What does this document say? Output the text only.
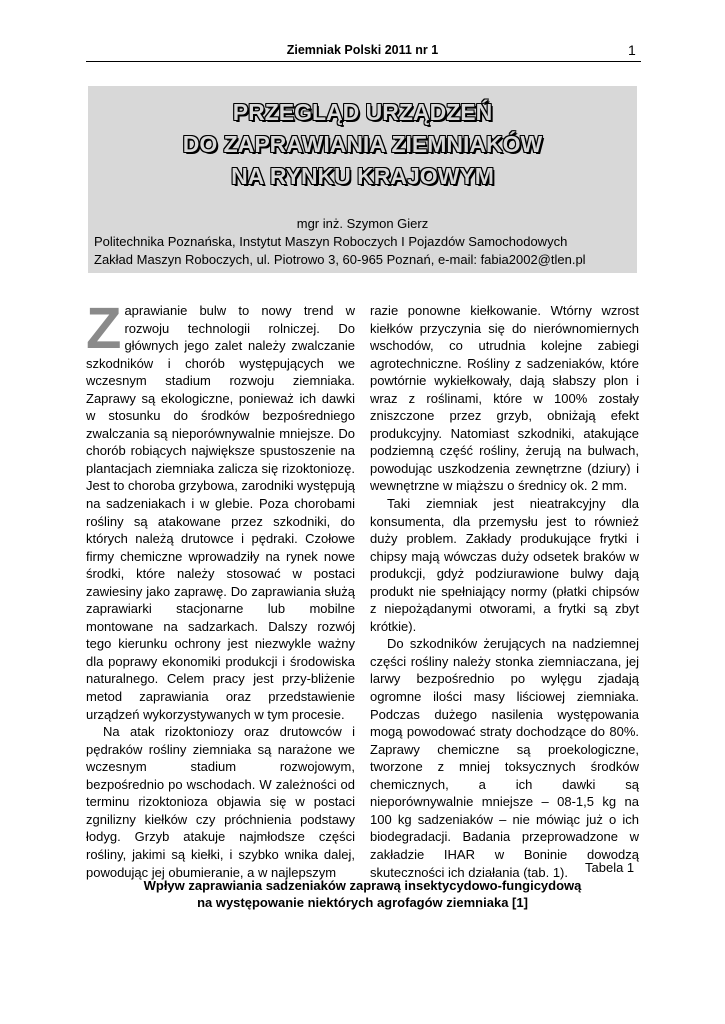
Ziemniak Polski 2011 nr 1	1
PRZEGLĄD URZĄDZEŃ
DO ZAPRAWIANIA ZIEMNIAKÓW
NA RYNKU KRAJOWYM
mgr inż. Szymon Gierz
Politechnika Poznańska, Instytut Maszyn Roboczych I Pojazdów Samochodowych
Zakład Maszyn Roboczych, ul. Piotrowo 3, 60-965 Poznań, e-mail: fabia2002@tlen.pl

Zaprawianie bulw to nowy trend w rozwoju technologii rolniczej. Do głównych jego zalet należy zwalczanie szkodników i chorób występujących we wczesnym stadium rozwoju ziemniaka. Zaprawy są ekologiczne, ponieważ ich dawki w stosunku do środków bezpośredniego zwalczania są nieporównywalnie mniejsze. Do chorób robiących największe spustoszenie na plantacjach ziemniaka zalicza się rizoktoniozę. Jest to choroba grzybowa, zarodniki występują na sadzeniakach i w glebie. Poza chorobami rośliny są atakowane przez szkodniki, do których należą drutowce i pędraki. Czołowe firmy chemiczne wprowadziły na rynek nowe środki, które należy stosować w postaci zawiesiny jako zaprawę. Do zaprawiania służą zaprawiarki stacjonarne lub mobilne montowane na sadzarkach. Dalszy rozwój tego kierunku ochrony jest niezwykle ważny dla poprawy ekonomiki produkcji i środowiska naturalnego. Celem pracy jest przy-bliżenie metod zaprawiania oraz przedstawienie urządzeń wykorzystywanych w tym procesie.

Na atak rizoktoniozy oraz drutowców i pędraków rośliny ziemniaka są narażone we wczesnym stadium rozwojowym, bezpośrednio po wschodach. W zależności od terminu rizoktonioza objawia się w postaci zgnilizny kiełków czy próchnienia podstawy łodyg. Grzyb atakuje najmłodsze części rośliny, jakimi są kiełki, i szybko wnika dalej, powodując jej obumieranie, a w najlepszym

razie ponowne kiełkowanie. Wtórny wzrost kiełków przyczynia się do nierównomiernych wschodów, co utrudnia kolejne zabiegi agrotechniczne. Rośliny z sadzeniaków, które powtórnie wykiełkowały, dają słabszy plon i wraz z roślinami, które w 100% zostały zniszczone przez grzyb, obniżają efekt produkcyjny. Natomiast szkodniki, atakujące podziemną część rośliny, żerują na bulwach, powodując uszkodzenia zewnętrzne (dziury) i wewnętrzne w miąższu o średnicy ok. 2 mm.

Taki ziemniak jest nieatrakcyjny dla konsumenta, dla przemysłu jest to również duży problem. Zakłady produkujące frytki i chipsy mają wówczas duży odsetek braków w produkcji, gdyż podziurawione bulwy dają produkt nie spełniający normy (płatki chipsów z niepożądanymi otworami, a frytki są zbyt krótkie).

Do szkodników żerujących na nadziemnej części rośliny należy stonka ziemniaczana, jej larwy bezpośrednio po wylęgu zjadają ogromne ilości masy liściowej ziemniaka. Podczas dużego nasilenia występowania mogą powodować straty dochodzące do 80%. Zaprawy chemiczne są proekologiczne, tworzone z mniej toksycznych środków chemicznych, a ich dawki są nieporównywalnie mniejsze – 08-1,5 kg na 100 kg sadzeniaków – nie mówiąc już o ich biodegradacji. Badania przeprowadzone w zakładzie IHAR w Boninie dowodzą skuteczności ich działania (tab. 1).	Tabela 1
Wpływ zaprawiania sadzeniaków zaprawą insektycydowo-fungicydową
na występowanie niektórych agrofagów ziemniaka [1]
